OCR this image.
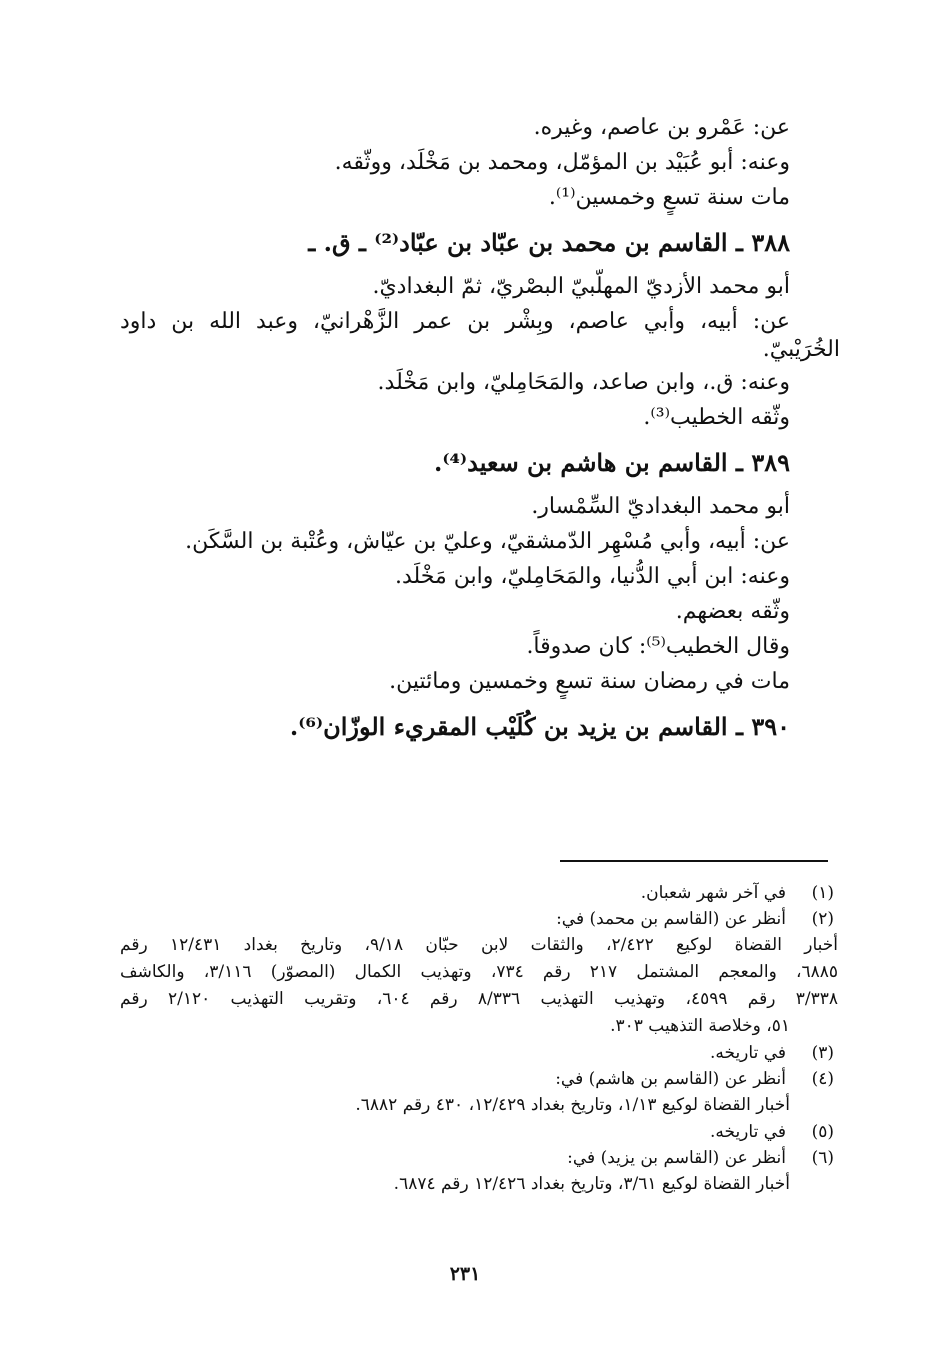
عن: عَمْرو بن عاصم، وغيره.
وعنه: أبو عُبَيْد بن المؤمّل، ومحمد بن مَخْلَد، ووثّقه.
مات سنة تسعٍ وخمسين⁽¹⁾.
٣٨٨ ـ القاسم بن محمد بن عبّاد بن عبّاد⁽²⁾ ـ ق. ـ
أبو محمد الأزديّ المهلّبيّ البصْريّ، ثمّ البغداديّ.
عن: أبيه، وأبي عاصم، وبِشْر بن عمر الزَّهْرانيّ، وعبد الله بن داود
الخُرَيْبيّ.
وعنه: ق.، وابن صاعد، والمَحَامِليّ، وابن مَخْلَد.
وثّقه الخطيب⁽³⁾.
٣٨٩ ـ القاسم بن هاشم بن سعيد⁽⁴⁾.
أبو محمد البغداديّ السِّمْسار.
عن: أبيه، وأبي مُسْهِر الدّمشقيّ، وعليّ بن عيّاش، وعُتْبة بن السَّكَن.
وعنه: ابن أبي الدُّنيا، والمَحَامِليّ، وابن مَخْلَد.
وثّقه بعضهم.
وقال الخطيب⁽⁵⁾: كان صدوقاً.
مات في رمضان سنة تسعٍ وخمسين ومائتين.
٣٩٠ ـ القاسم بن يزيد بن كُلَيْب المقريء الوزّان⁽⁶⁾.
(١)
في آخر شهر شعبان.
(٢)
أنظر عن (القاسم بن محمد) في:
أخبار القضاة لوكيع ٢/٤٢٢، والثقات لابن حبّان ٩/١٨، وتاريخ بغداد ١٢/٤٣١ رقم
٦٨٨٥، والمعجم المشتمل ٢١٧ رقم ٧٣٤، وتهذيب الكمال (المصوّر) ٣/١١٦، والكاشف
٣/٣٣٨ رقم ٤٥٩٩، وتهذيب التهذيب ٨/٣٣٦ رقم ٦٠٤، وتقريب التهذيب ٢/١٢٠ رقم
٥١، وخلاصة التذهيب ٣٠٣.
(٣)
في تاريخه.
(٤)
أنظر عن (القاسم بن هاشم) في:
أخبار القضاة لوكيع ١/١٣، وتاريخ بغداد ١٢/٤٢٩، ٤٣٠ رقم ٦٨٨٢.
(٥)
في تاريخه.
(٦)
أنظر عن (القاسم بن يزيد) في:
أخبار القضاة لوكيع ٣/٦١، وتاريخ بغداد ١٢/٤٢٦ رقم ٦٨٧٤.
٢٣١
